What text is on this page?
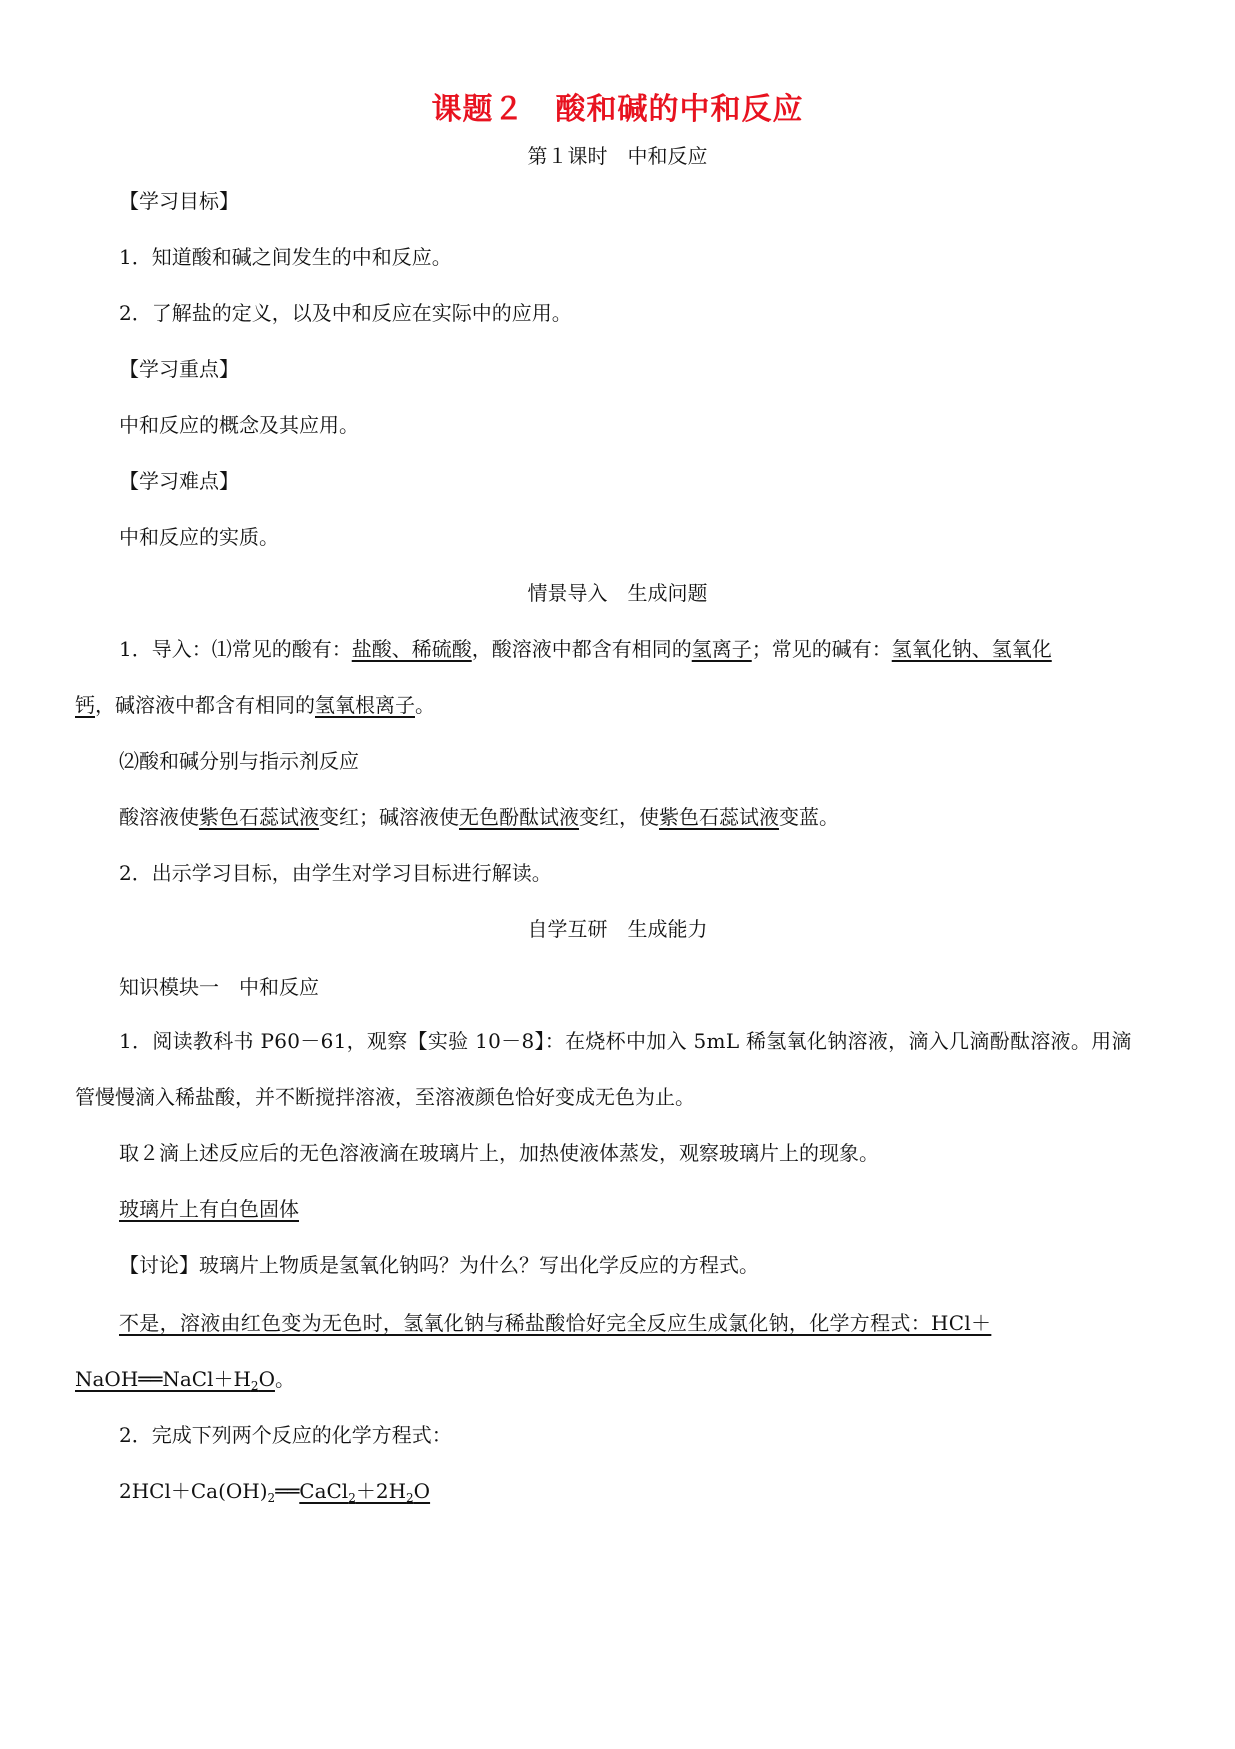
课题２　酸和碱的中和反应
第１课时　中和反应
【学习目标】
1．知道酸和碱之间发生的中和反应。
2．了解盐的定义，以及中和反应在实际中的应用。
【学习重点】
中和反应的概念及其应用。
【学习难点】
中和反应的实质。
情景导入　生成问题
1．导入：⑴常见的酸有：盐酸、稀硫酸，酸溶液中都含有相同的氢离子；常见的碱有：氢氧化钠、氢氧化
钙，碱溶液中都含有相同的氢氧根离子。
⑵酸和碱分别与指示剂反应
酸溶液使紫色石蕊试液变红；碱溶液使无色酚酞试液变红，使紫色石蕊试液变蓝。
2．出示学习目标，由学生对学习目标进行解读。
自学互研　生成能力
知识模块一　中和反应
1．阅读教科书 P60－61，观察【实验 10－8】：在烧杯中加入 5mL 稀氢氧化钠溶液，滴入几滴酚酞溶液。用滴
管慢慢滴入稀盐酸，并不断搅拌溶液，至溶液颜色恰好变成无色为止。
取２滴上述反应后的无色溶液滴在玻璃片上，加热使液体蒸发，观察玻璃片上的现象。
玻璃片上有白色固体
【讨论】玻璃片上物质是氢氧化钠吗？为什么？写出化学反应的方程式。
不是，溶液由红色变为无色时，氢氧化钠与稀盐酸恰好完全反应生成氯化钠，化学方程式：HCl＋
$NaOH══NaCl+H_2O$。
2．完成下列两个反应的化学方程式：
$2HCl+Ca(OH)_2══CaCl_2+2H_2O$
